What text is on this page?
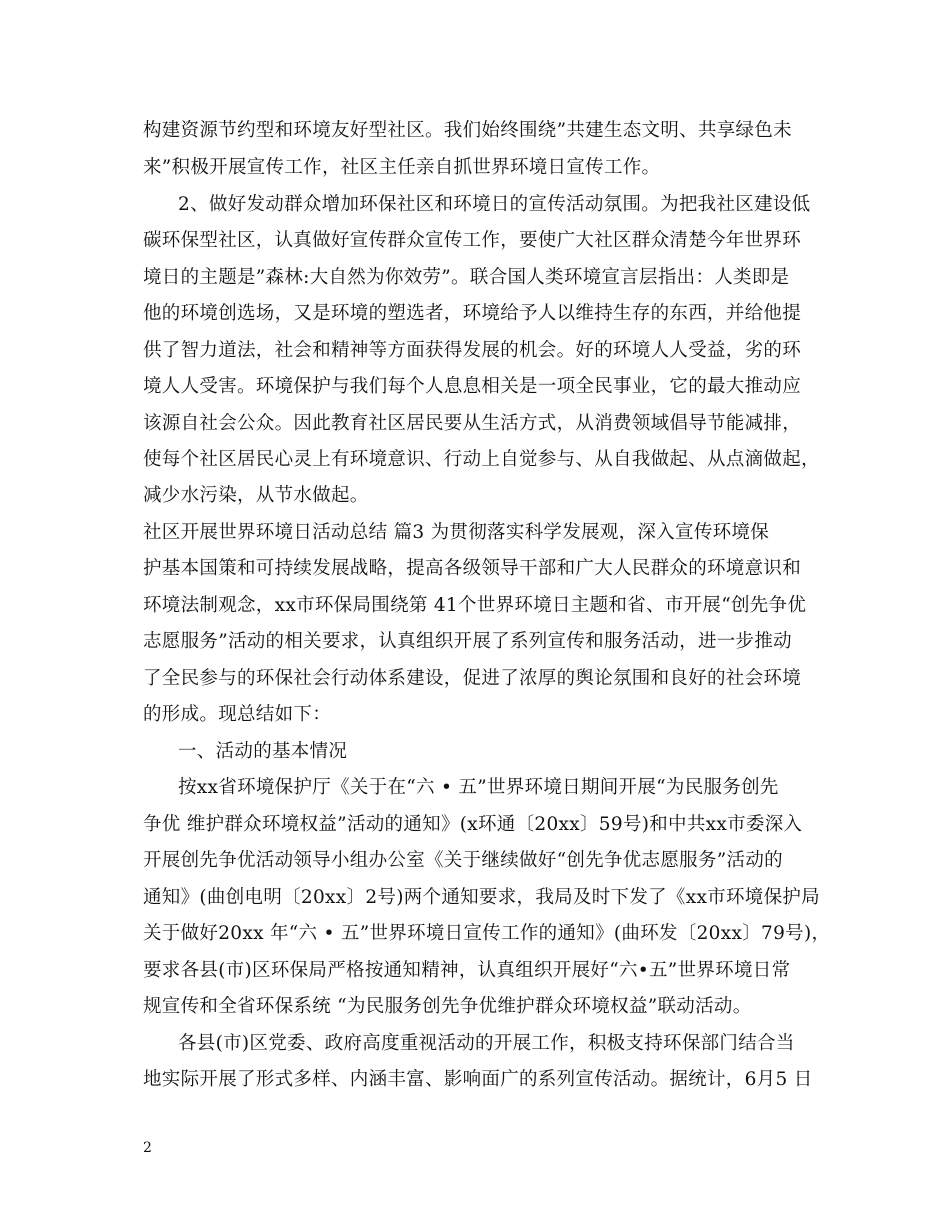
构建资源节约型和环境友好型社区。我们始终围绕”共建生态文明、共享绿色未
来”积极开展宣传工作，社区主任亲自抓世界环境日宣传工作。
2、做好发动群众增加环保社区和环境日的宣传活动氛围。为把我社区建设低
碳环保型社区，认真做好宣传群众宣传工作，要使广大社区群众清楚今年世界环
境日的主题是”森林:大自然为你效劳”。联合国人类环境宣言层指出：人类即是
他的环境创选场，又是环境的塑选者，环境给予人以维持生存的东西，并给他提
供了智力道法，社会和精神等方面获得发展的机会。好的环境人人受益，劣的环
境人人受害。环境保护与我们每个人息息相关是一项全民事业，它的最大推动应
该源自社会公众。因此教育社区居民要从生活方式，从消费领域倡导节能减排，
使每个社区居民心灵上有环境意识、行动上自觉参与、从自我做起、从点滴做起，
减少水污染，从节水做起。
社区开展世界环境日活动总结 篇3 为贯彻落实科学发展观，深入宣传环境保
护基本国策和可持续发展战略，提高各级领导干部和广大人民群众的环境意识和
环境法制观念，xx市环保局围绕第 41个世界环境日主题和省、市开展“创先争优
志愿服务”活动的相关要求，认真组织开展了系列宣传和服务活动，进一步推动
了全民参与的环保社会行动体系建设，促进了浓厚的舆论氛围和良好的社会环境
的形成。现总结如下：
一、活动的基本情况
按xx省环境保护厅《关于在“六 • 五”世界环境日期间开展“为民服务创先
争优 维护群众环境权益”活动的通知》(x环通〔20xx〕59号)和中共xx市委深入
开展创先争优活动领导小组办公室《关于继续做好“创先争优志愿服务”活动的
通知》(曲创电明〔20xx〕2号)两个通知要求，我局及时下发了《xx市环境保护局
关于做好20xx 年“六 • 五”世界环境日宣传工作的通知》(曲环发〔20xx〕79号)，
要求各县(市)区环保局严格按通知精神，认真组织开展好“六•五”世界环境日常
规宣传和全省环保系统 “为民服务创先争优维护群众环境权益”联动活动。
各县(市)区党委、政府高度重视活动的开展工作，积极支持环保部门结合当
地实际开展了形式多样、内涵丰富、影响面广的系列宣传活动。据统计，6月5 日
2
